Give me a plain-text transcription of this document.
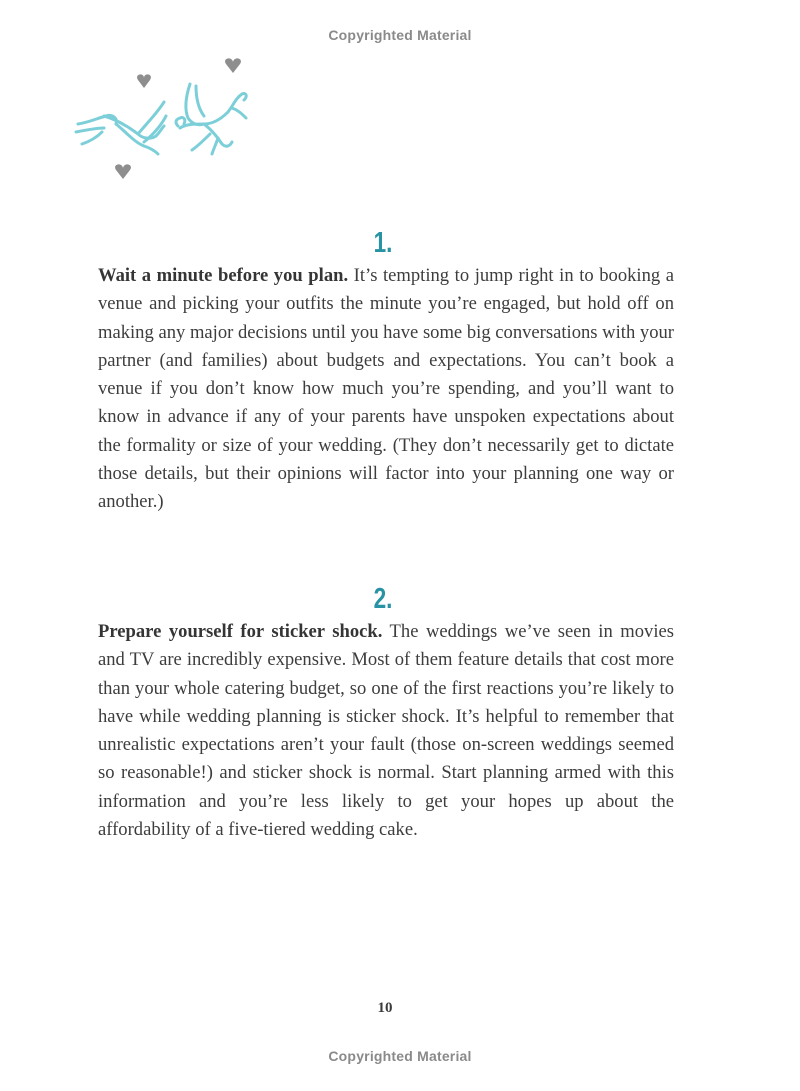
Copyrighted Material
1.

Wait a minute before you plan. It’s tempting to jump right in to booking a venue and picking your outfits the minute you’re engaged, but hold off on making any major decisions until you have some big conversations with your partner (and families) about budgets and expectations. You can’t book a venue if you don’t know how much you’re spending, and you’ll want to know in advance if any of your parents have unspoken expectations about the formality or size of your wedding. (They don’t necessarily get to dictate those details, but their opinions will factor into your planning one way or another.)

2.

Prepare yourself for sticker shock. The weddings we’ve seen in movies and TV are incredibly expensive. Most of them feature details that cost more than your whole catering budget, so one of the first reactions you’re likely to have while wedding planning is sticker shock. It’s helpful to remember that unrealistic expectations aren’t your fault (those on-screen weddings seemed so reasonable!) and sticker shock is normal. Start planning armed with this information and you’re less likely to get your hopes up about the affordability of a five-tiered wedding cake.

10
Copyrighted Material
